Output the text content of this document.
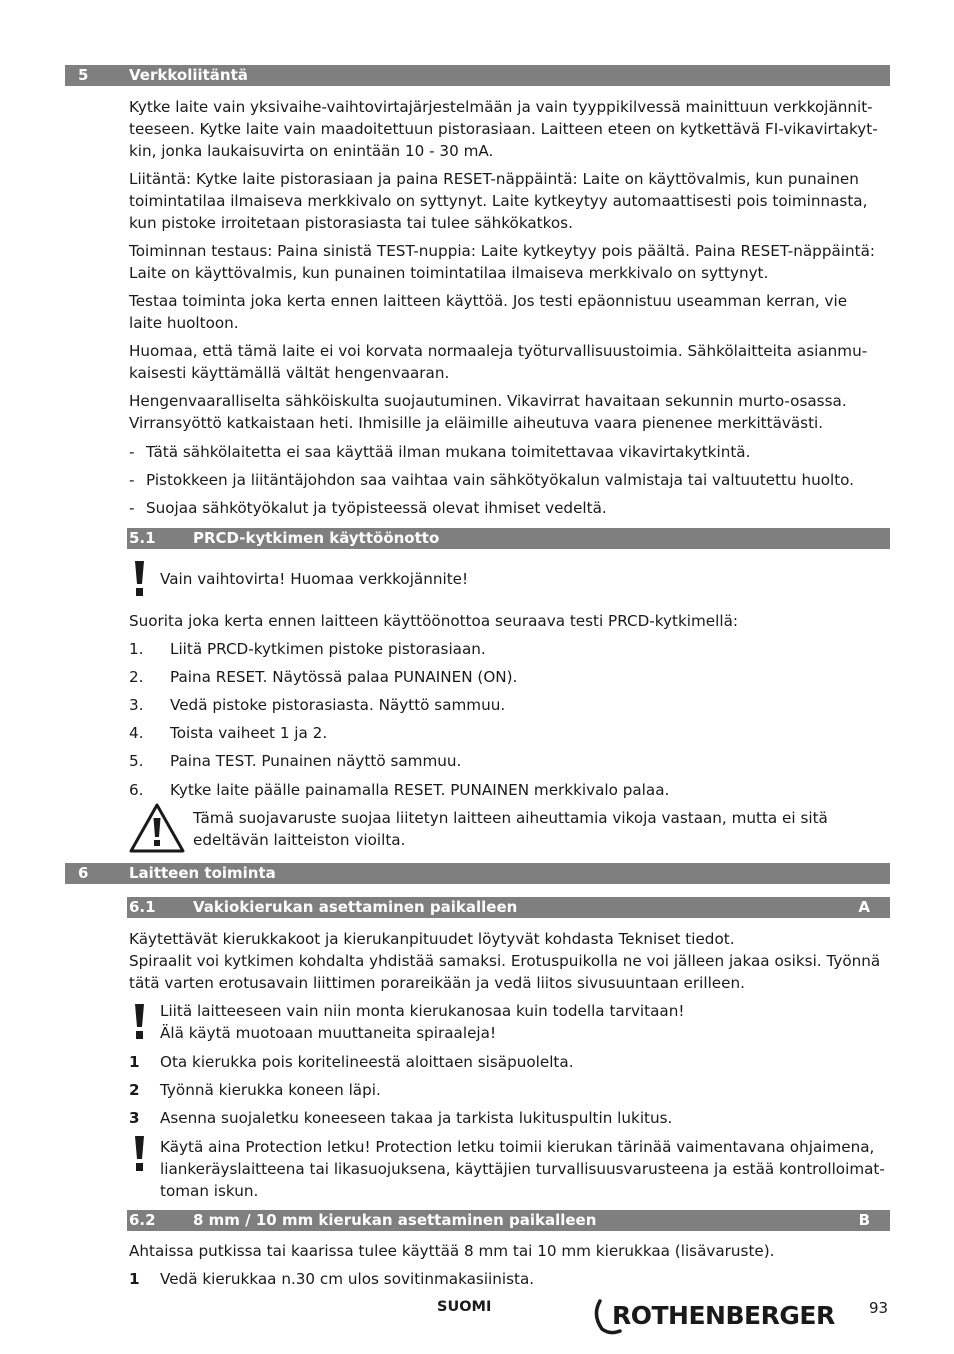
5	Verkkoliitäntä
Kytke laite vain yksivaihe-vaihtovirtajärjestelmään ja vain tyyppikilvessä mainittuun verkkojännit-
teeseen. Kytke laite vain maadoitettuun pistorasiaan. Laitteen eteen on kytkettävä FI-vikavirtakyt-
kin, jonka laukaisuvirta on enintään 10 - 30 mA.
Liitäntä: Kytke laite pistorasiaan ja paina RESET-näppäintä: Laite on käyttövalmis, kun punainen
toimintatilaa ilmaiseva merkkivalo on syttynyt. Laite kytkeytyy automaattisesti pois toiminnasta,
kun pistoke irroitetaan pistorasiasta tai tulee sähkökatkos.
Toiminnan testaus: Paina sinistä TEST-nuppia: Laite kytkeytyy pois päältä. Paina RESET-näppäintä:
Laite on käyttövalmis, kun punainen toimintatilaa ilmaiseva merkkivalo on syttynyt.
Testaa toiminta joka kerta ennen laitteen käyttöä. Jos testi epäonnistuu useamman kerran, vie
laite huoltoon.
Huomaa, että tämä laite ei voi korvata normaaleja työturvallisuustoimia. Sähkölaitteita asianmu-
kaisesti käyttämällä vältät hengenvaaran.
Hengenvaaralliselta sähköiskulta suojautuminen. Vikavirrat havaitaan sekunnin murto-osassa.
Virransyöttö katkaistaan heti. Ihmisille ja eläimille aiheutuva vaara pienenee merkittävästi.
- Tätä sähkölaitetta ei saa käyttää ilman mukana toimitettavaa vikavirtakytkintä.
- Pistokkeen ja liitäntäjohdon saa vaihtaa vain sähkötyökalun valmistaja tai valtuutettu huolto.
- Suojaa sähkötyökalut ja työpisteessä olevat ihmiset vedeltä.
5.1 PRCD-kytkimen käyttöönotto
Vain vaihtovirta! Huomaa verkkojännite!
Suorita joka kerta ennen laitteen käyttöönottoa seuraava testi PRCD-kytkimellä:
1. Liitä PRCD-kytkimen pistoke pistorasiaan.
2. Paina RESET. Näytössä palaa PUNAINEN (ON).
3. Vedä pistoke pistorasiasta. Näyttö sammuu.
4. Toista vaiheet 1 ja 2.
5. Paina TEST. Punainen näyttö sammuu.
6. Kytke laite päälle painamalla RESET. PUNAINEN merkkivalo palaa.
Tämä suojavaruste suojaa liitetyn laitteen aiheuttamia vikoja vastaan, mutta ei sitä
edeltävän laitteiston vioilta.
6	Laitteen toiminta
6.1 Vakiokierukan asettaminen paikalleen	A
Käytettävät kierukkakoot ja kierukanpituudet löytyvät kohdasta Tekniset tiedot.
Spiraalit voi kytkimen kohdalta yhdistää samaksi. Erotuspuikolla ne voi jälleen jakaa osiksi. Työnnä
tätä varten erotusavain liittimen porareikään ja vedä liitos sivusuuntaan erilleen.
Liitä laitteeseen vain niin monta kierukanosaa kuin todella tarvitaan!
Älä käytä muotoaan muuttaneita spiraaleja!
1 Ota kierukka pois koritelineestä aloittaen sisäpuolelta.
2 Työnnä kierukka koneen läpi.
3 Asenna suojaletku koneeseen takaa ja tarkista lukituspultin lukitus.
Käytä aina Protection letku! Protection letku toimii kierukan tärinää vaimentavana ohjaimena,
liankeräyslaitteena tai likasuojuksena, käyttäjien turvallisuusvarusteena ja estää kontrolloimat-
toman iskun.
6.2 8 mm / 10 mm kierukan asettaminen paikalleen	B
Ahtaissa putkissa tai kaarissa tulee käyttää 8 mm tai 10 mm kierukkaa (lisävaruste).
1 Vedä kierukkaa n.30 cm ulos sovitinmakasiinista.
SUOMI	ROTHENBERGER 93
